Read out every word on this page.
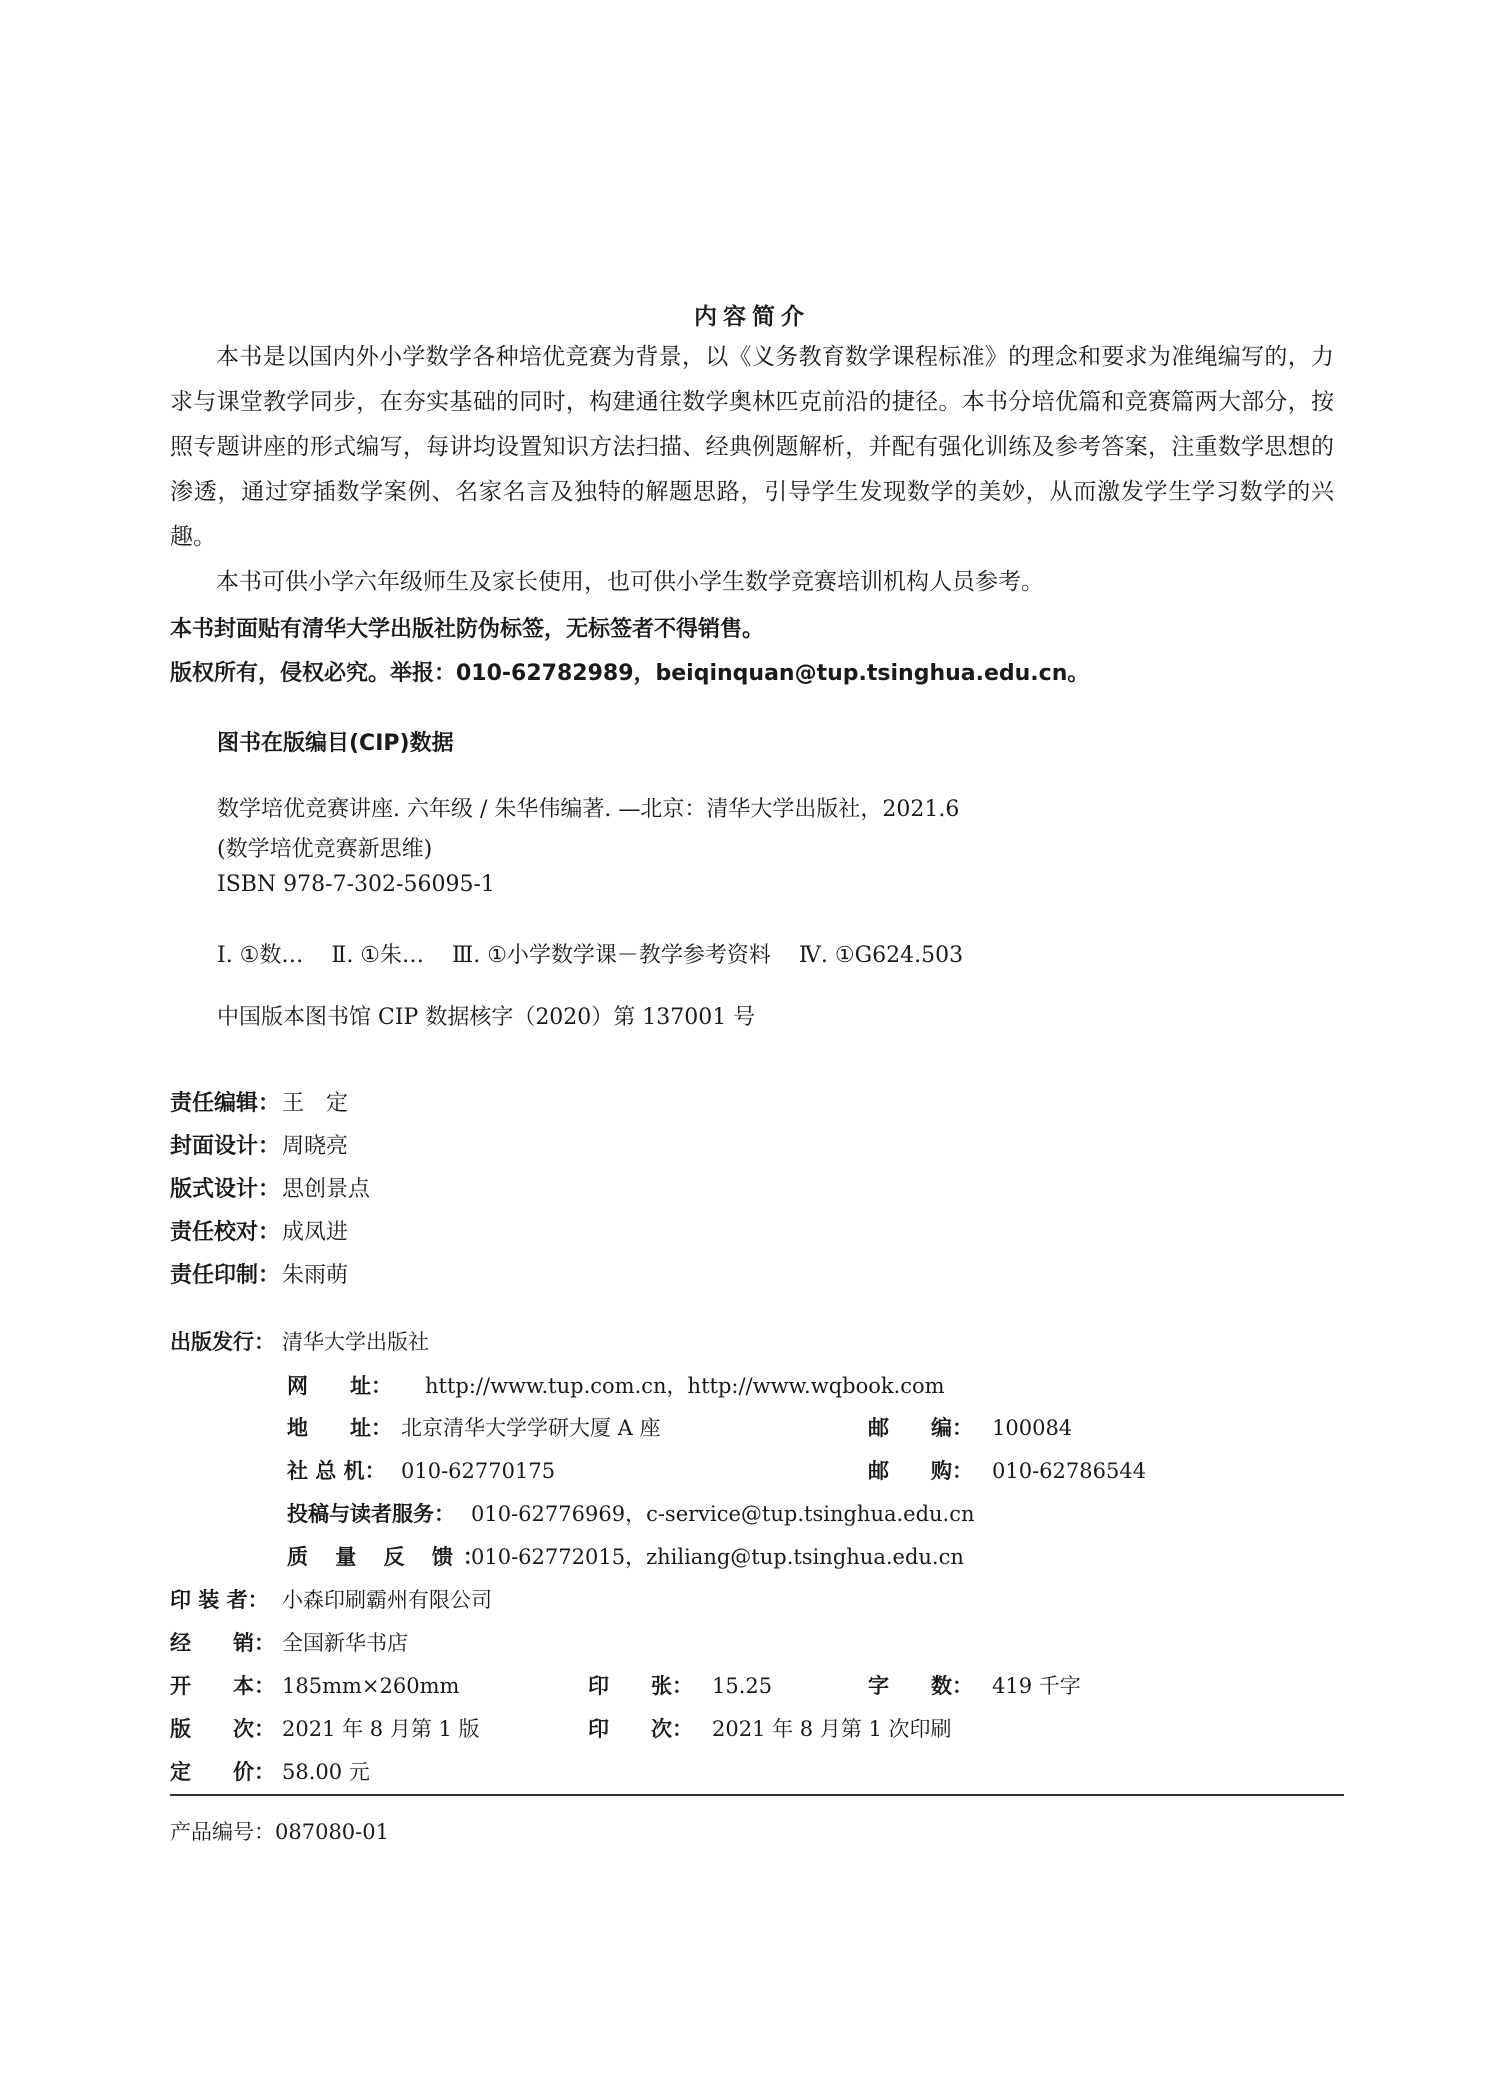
内容简介

本书是以国内外小学数学各种培优竞赛为背景，以《义务教育数学课程标准》的理念和要求为准绳编写的，力求与课堂教学同步，在夯实基础的同时，构建通往数学奥林匹克前沿的捷径。本书分培优篇和竞赛篇两大部分，按照专题讲座的形式编写，每讲均设置知识方法扫描、经典例题解析，并配有强化训练及参考答案，注重数学思想的渗透，通过穿插数学案例、名家名言及独特的解题思路，引导学生发现数学的美妙，从而激发学生学习数学的兴趣。

本书可供小学六年级师生及家长使用，也可供小学生数学竞赛培训机构人员参考。

本书封面贴有清华大学出版社防伪标签，无标签者不得销售。
版权所有，侵权必究。举报：010-62782989，beiqinquan@tup.tsinghua.edu.cn。
图书在版编目(CIP)数据
数学培优竞赛讲座. 六年级 / 朱华伟编著. —北京：清华大学出版社，2021.6
(数学培优竞赛新思维)
ISBN 978-7-302-56095-1
Ⅰ. ①数…    Ⅱ. ①朱…    Ⅲ. ①小学数学课－教学参考资料    Ⅳ. ①G624.503
中国版本图书馆 CIP 数据核字（2020）第 137001 号
责任编辑：王　定
封面设计：周晓亮
版式设计：思创景点
责任校对：成凤进
责任印制：朱雨萌
出版发行： 清华大学出版社
网　　址： http://www.tup.com.cn，http://www.wqbook.com
地　　址： 北京清华大学学研大厦 A 座	邮　　编： 100084
社 总 机： 010-62770175	邮　　购： 010-62786544
投稿与读者服务： 010-62776969，c-service@tup.tsinghua.edu.cn
质 量 反 馈：010-62772015，zhiliang@tup.tsinghua.edu.cn
印 装 者： 小森印刷霸州有限公司
经　　销： 全国新华书店
开　　本： 185mm×260mm	印　　张： 15.25	字　　数： 419 千字
版　　次： 2021 年 8 月第 1 版	印　　次： 2021 年 8 月第 1 次印刷
定　　价： 58.00 元
产品编号：087080-01
